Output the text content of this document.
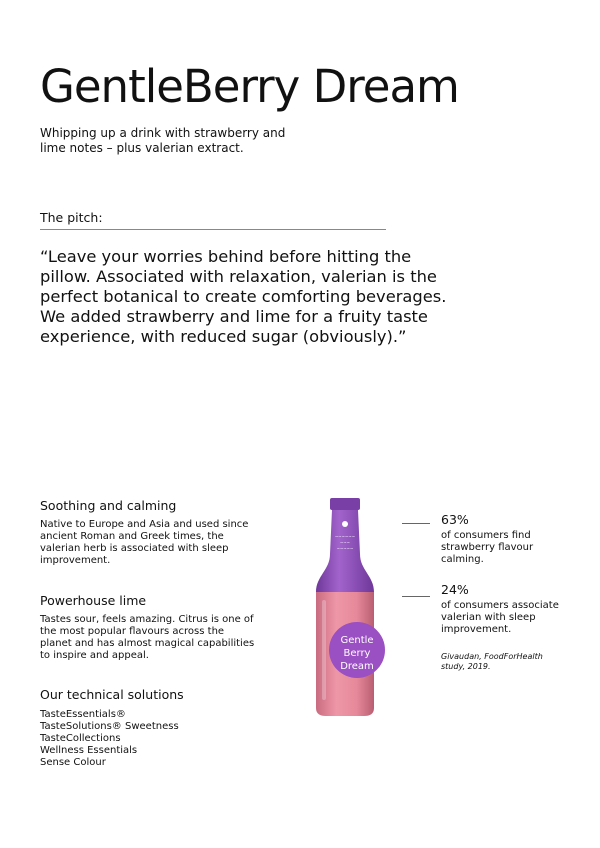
GentleBerry Dream
Whipping up a drink with strawberry and lime notes – plus valerian extract.
The pitch:
“Leave your worries behind before hitting the pillow. Associated with relaxation, valerian is the perfect botanical to create comforting beverages. We added strawberry and lime for a fruity taste experience, with reduced sugar (obviously).”
Soothing and calming
Native to Europe and Asia and used since ancient Roman and Greek times, the valerian herb is associated with sleep improvement.
Powerhouse lime
Tastes sour, feels amazing. Citrus is one of the most popular flavours across the planet and has almost magical capabilities to inspire and appeal.
Our technical solutions
TasteEssentials®
TasteSolutions® Sweetness
TasteCollections
Wellness Essentials
Sense Colour
~~~~~~
~~~
~~~~~
Gentle
Berry
Dream
63%
of consumers find strawberry flavour calming.
24%
of consumers associate valerian with sleep improvement.
Givaudan, FoodForHealth study, 2019.
